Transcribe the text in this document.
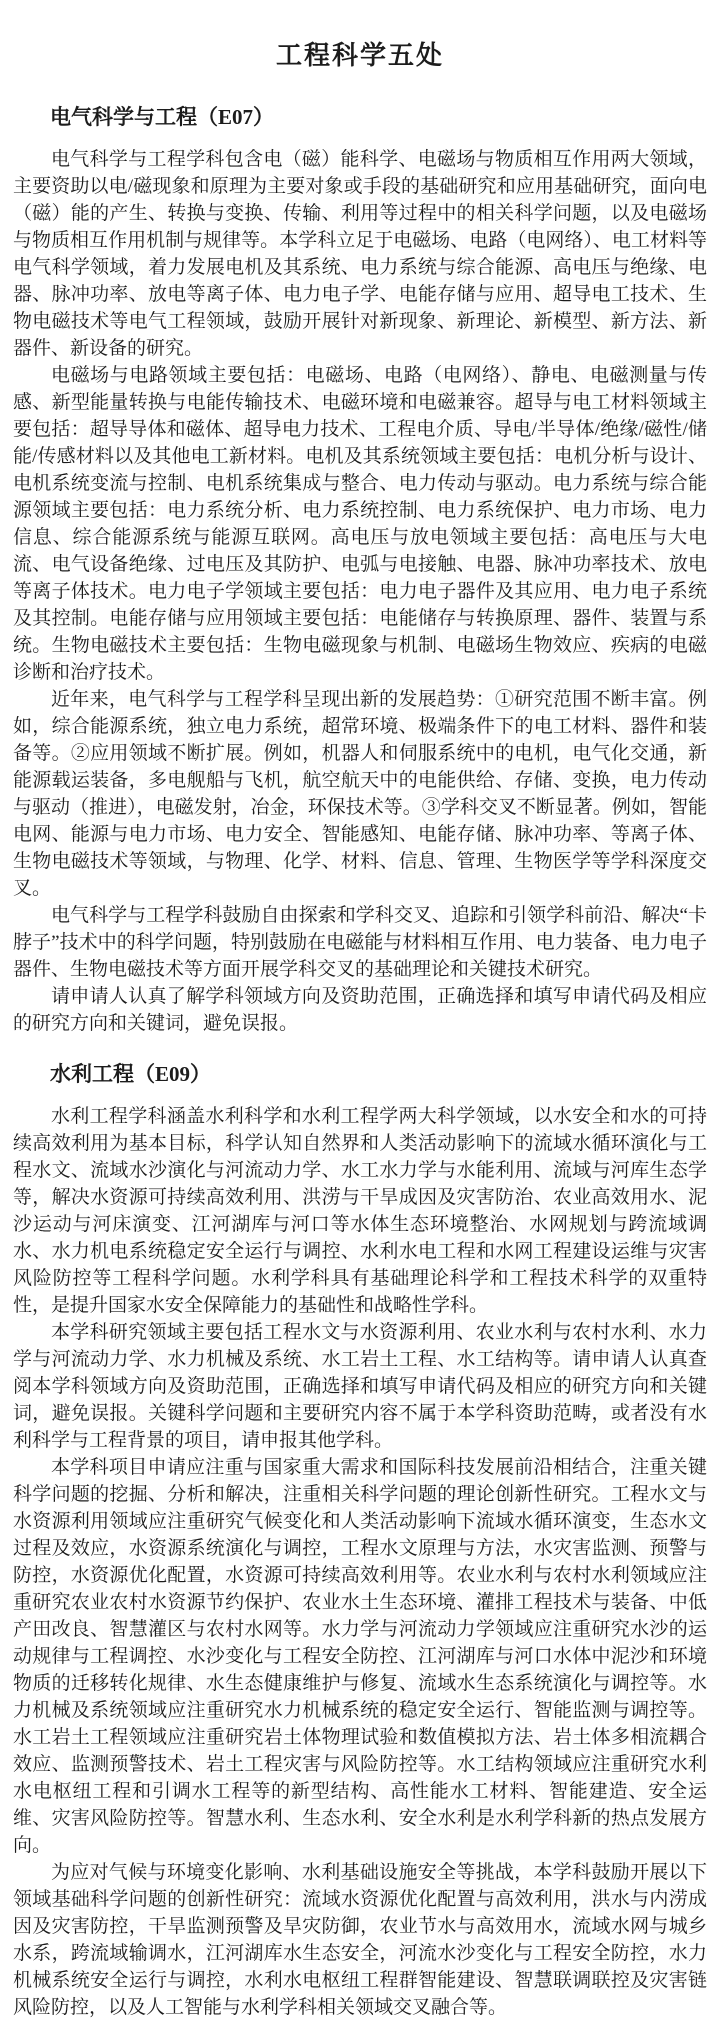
工程科学五处
电气科学与工程（E07）

电气科学与工程学科包含电（磁）能科学、电磁场与物质相互作用两大领域，主要资助以电/磁现象和原理为主要对象或手段的基础研究和应用基础研究，面向电（磁）能的产生、转换与变换、传输、利用等过程中的相关科学问题，以及电磁场与物质相互作用机制与规律等。本学科立足于电磁场、电路（电网络）、电工材料等电气科学领域，着力发展电机及其系统、电力系统与综合能源、高电压与绝缘、电器、脉冲功率、放电等离子体、电力电子学、电能存储与应用、超导电工技术、生物电磁技术等电气工程领域，鼓励开展针对新现象、新理论、新模型、新方法、新器件、新设备的研究。

电磁场与电路领域主要包括：电磁场、电路（电网络）、静电、电磁测量与传感、新型能量转换与电能传输技术、电磁环境和电磁兼容。超导与电工材料领域主要包括：超导导体和磁体、超导电力技术、工程电介质、导电/半导体/绝缘/磁性/储能/传感材料以及其他电工新材料。电机及其系统领域主要包括：电机分析与设计、电机系统变流与控制、电机系统集成与整合、电力传动与驱动。电力系统与综合能源领域主要包括：电力系统分析、电力系统控制、电力系统保护、电力市场、电力信息、综合能源系统与能源互联网。高电压与放电领域主要包括：高电压与大电流、电气设备绝缘、过电压及其防护、电弧与电接触、电器、脉冲功率技术、放电等离子体技术。电力电子学领域主要包括：电力电子器件及其应用、电力电子系统及其控制。电能存储与应用领域主要包括：电能储存与转换原理、器件、装置与系统。生物电磁技术主要包括：生物电磁现象与机制、电磁场生物效应、疾病的电磁诊断和治疗技术。

近年来，电气科学与工程学科呈现出新的发展趋势：①研究范围不断丰富。例如，综合能源系统，独立电力系统，超常环境、极端条件下的电工材料、器件和装备等。②应用领域不断扩展。例如，机器人和伺服系统中的电机，电气化交通，新能源载运装备，多电舰船与飞机，航空航天中的电能供给、存储、变换，电力传动与驱动（推进），电磁发射，冶金，环保技术等。③学科交叉不断显著。例如，智能电网、能源与电力市场、电力安全、智能感知、电能存储、脉冲功率、等离子体、生物电磁技术等领域，与物理、化学、材料、信息、管理、生物医学等学科深度交叉。

电气科学与工程学科鼓励自由探索和学科交叉、追踪和引领学科前沿、解决“卡脖子”技术中的科学问题，特别鼓励在电磁能与材料相互作用、电力装备、电力电子器件、生物电磁技术等方面开展学科交叉的基础理论和关键技术研究。

请申请人认真了解学科领域方向及资助范围，正确选择和填写申请代码及相应的研究方向和关键词，避免误报。

水利工程（E09）

水利工程学科涵盖水利科学和水利工程学两大科学领域，以水安全和水的可持续高效利用为基本目标，科学认知自然界和人类活动影响下的流域水循环演化与工程水文、流域水沙演化与河流动力学、水工水力学与水能利用、流域与河库生态学等，解决水资源可持续高效利用、洪涝与干旱成因及灾害防治、农业高效用水、泥沙运动与河床演变、江河湖库与河口等水体生态环境整治、水网规划与跨流域调水、水力机电系统稳定安全运行与调控、水利水电工程和水网工程建设运维与灾害风险防控等工程科学问题。水利学科具有基础理论科学和工程技术科学的双重特性，是提升国家水安全保障能力的基础性和战略性学科。

本学科研究领域主要包括工程水文与水资源利用、农业水利与农村水利、水力学与河流动力学、水力机械及系统、水工岩土工程、水工结构等。请申请人认真查阅本学科领域方向及资助范围，正确选择和填写申请代码及相应的研究方向和关键词，避免误报。关键科学问题和主要研究内容不属于本学科资助范畴，或者没有水利科学与工程背景的项目，请申报其他学科。

本学科项目申请应注重与国家重大需求和国际科技发展前沿相结合，注重关键科学问题的挖掘、分析和解决，注重相关科学问题的理论创新性研究。工程水文与水资源利用领域应注重研究气候变化和人类活动影响下流域水循环演变，生态水文过程及效应，水资源系统演化与调控，工程水文原理与方法，水灾害监测、预警与防控，水资源优化配置，水资源可持续高效利用等。农业水利与农村水利领域应注重研究农业农村水资源节约保护、农业水土生态环境、灌排工程技术与装备、中低产田改良、智慧灌区与农村水网等。水力学与河流动力学领域应注重研究水沙的运动规律与工程调控、水沙变化与工程安全防控、江河湖库与河口水体中泥沙和环境物质的迁移转化规律、水生态健康维护与修复、流域水生态系统演化与调控等。水力机械及系统领域应注重研究水力机械系统的稳定安全运行、智能监测与调控等。水工岩土工程领域应注重研究岩土体物理试验和数值模拟方法、岩土体多相流耦合效应、监测预警技术、岩土工程灾害与风险防控等。水工结构领域应注重研究水利水电枢纽工程和引调水工程等的新型结构、高性能水工材料、智能建造、安全运维、灾害风险防控等。智慧水利、生态水利、安全水利是水利学科新的热点发展方向。

为应对气候与环境变化影响、水利基础设施安全等挑战，本学科鼓励开展以下领域基础科学问题的创新性研究：流域水资源优化配置与高效利用，洪水与内涝成因及灾害防控，干旱监测预警及旱灾防御，农业节水与高效用水，流域水网与城乡水系，跨流域输调水，江河湖库水生态安全，河流水沙变化与工程安全防控，水力机械系统安全运行与调控，水利水电枢纽工程群智能建设、智慧联调联控及灾害链风险防控，以及人工智能与水利学科相关领域交叉融合等。
